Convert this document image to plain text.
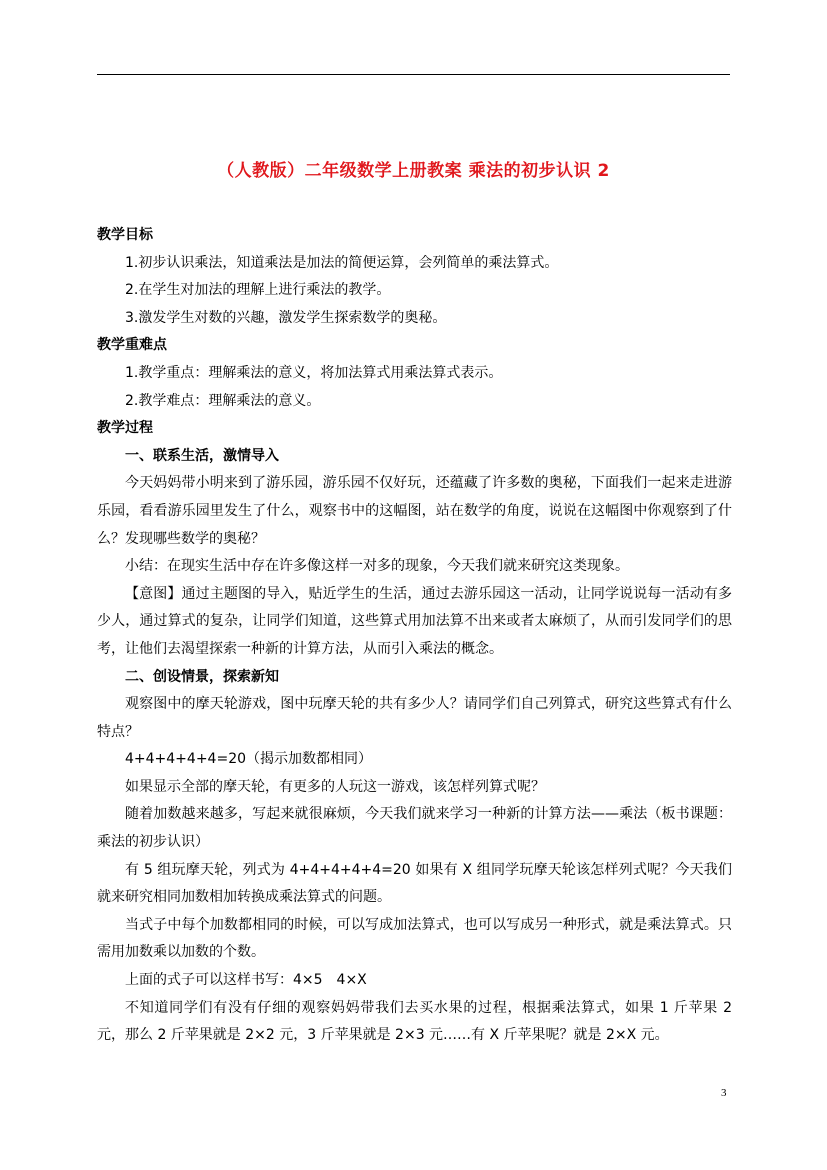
（人教版）二年级数学上册教案 乘法的初步认识 2

教学目标

1.初步认识乘法，知道乘法是加法的简便运算，会列简单的乘法算式。

2.在学生对加法的理解上进行乘法的教学。

3.激发学生对数的兴趣，激发学生探索数学的奥秘。

教学重难点

1.教学重点：理解乘法的意义，将加法算式用乘法算式表示。

2.教学难点：理解乘法的意义。

教学过程

一、联系生活，激情导入

今天妈妈带小明来到了游乐园，游乐园不仅好玩，还蕴藏了许多数的奥秘，下面我们一起来走进游乐园，看看游乐园里发生了什么，观察书中的这幅图，站在数学的角度，说说在这幅图中你观察到了什么？发现哪些数学的奥秘？

小结：在现实生活中存在许多像这样一对多的现象，今天我们就来研究这类现象。

【意图】通过主题图的导入，贴近学生的生活，通过去游乐园这一活动，让同学说说每一活动有多少人，通过算式的复杂，让同学们知道，这些算式用加法算不出来或者太麻烦了，从而引发同学们的思考，让他们去渴望探索一种新的计算方法，从而引入乘法的概念。

二、创设情景，探索新知

观察图中的摩天轮游戏，图中玩摩天轮的共有多少人？请同学们自己列算式，研究这些算式有什么特点？

4+4+4+4+4=20（揭示加数都相同）

如果显示全部的摩天轮，有更多的人玩这一游戏，该怎样列算式呢？

随着加数越来越多，写起来就很麻烦，今天我们就来学习一种新的计算方法——乘法（板书课题：乘法的初步认识）

有 5 组玩摩天轮，列式为 4+4+4+4+4=20 如果有 X 组同学玩摩天轮该怎样列式呢？今天我们就来研究相同加数相加转换成乘法算式的问题。

当式子中每个加数都相同的时候，可以写成加法算式，也可以写成另一种形式，就是乘法算式。只需用加数乘以加数的个数。

上面的式子可以这样书写：4×5　4×X

不知道同学们有没有仔细的观察妈妈带我们去买水果的过程，根据乘法算式，如果 1 斤苹果 2 元，那么 2 斤苹果就是 2×2 元，3 斤苹果就是 2×3 元……有 X 斤苹果呢？就是 2×X 元。

3
